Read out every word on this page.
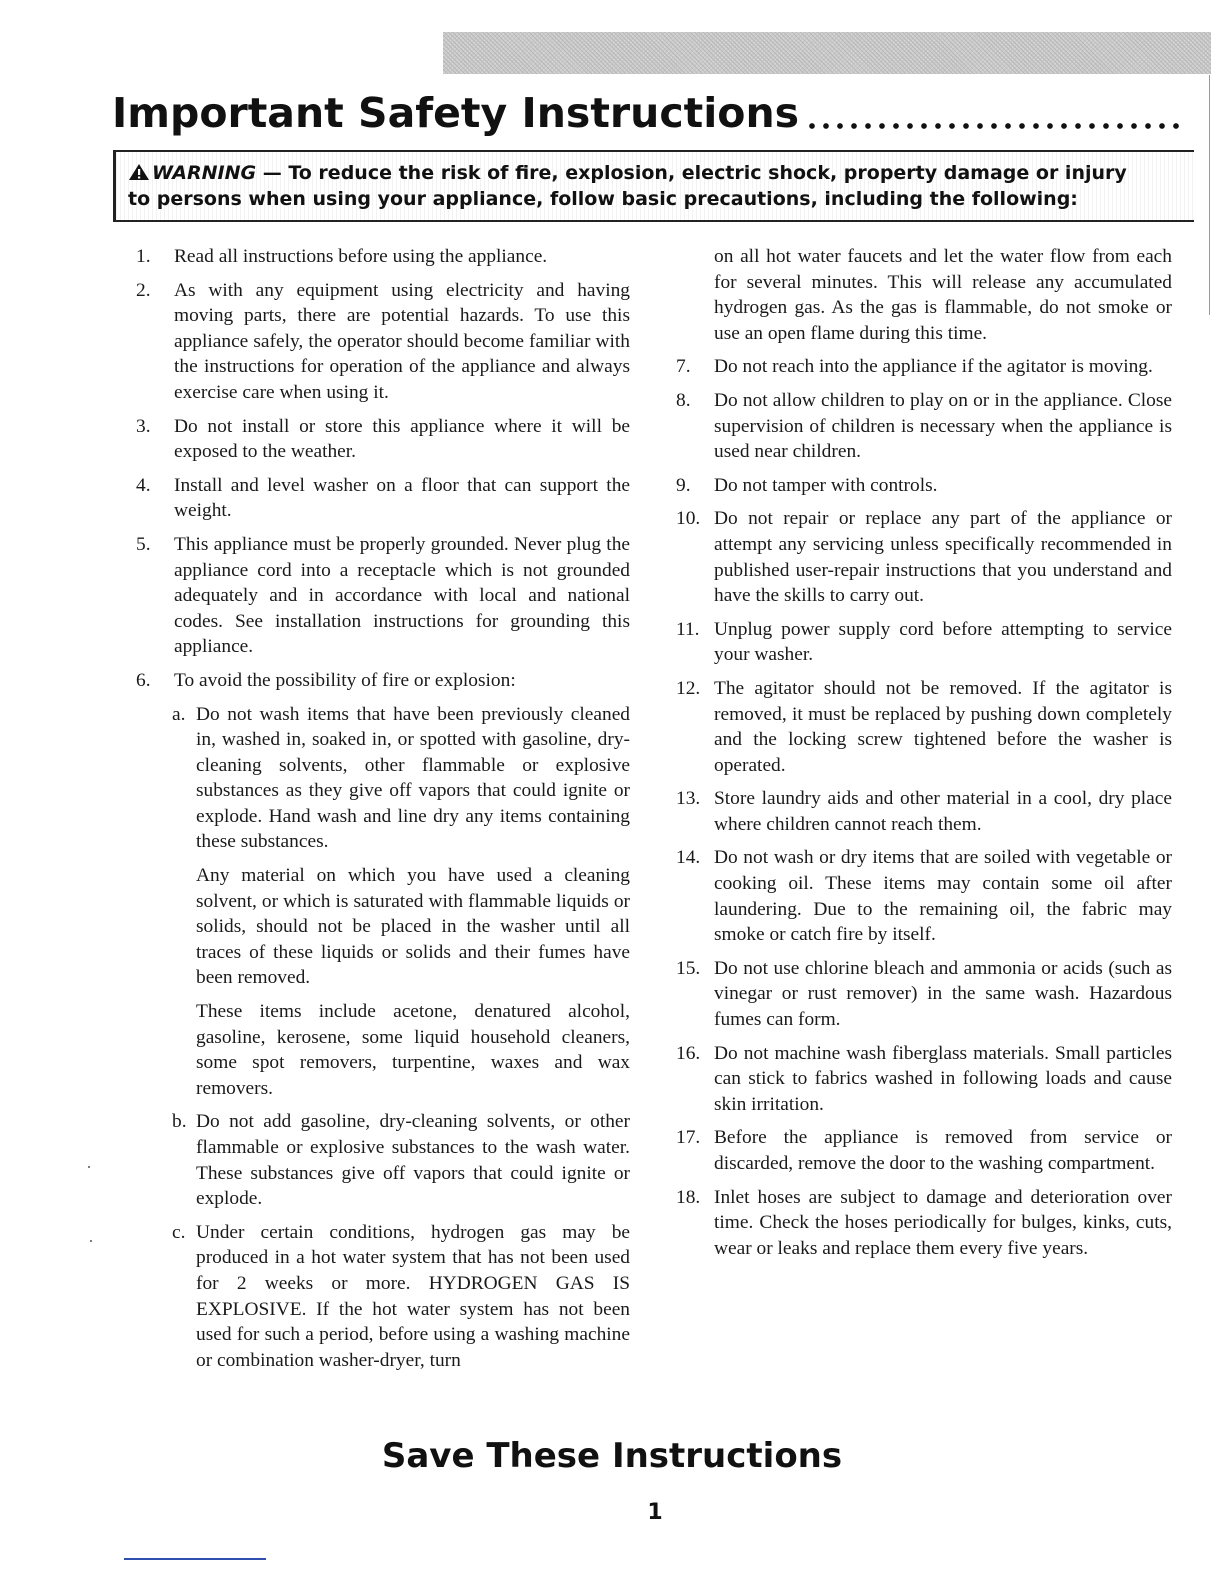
Important Safety Instructions
WARNING — To reduce the risk of fire, explosion, electric shock, property damage or injury
to persons when using your appliance, follow basic precautions, including the following:
1.	Read all instructions before using the appliance.
2.	As with any equipment using electricity and having moving parts, there are potential hazards. To use this appliance safely, the operator should become familiar with the instructions for operation of the appliance and always exercise care when using it.
3.	Do not install or store this appliance where it will be exposed to the weather.
4.	Install and level washer on a floor that can support the weight.
5.	This appliance must be properly grounded. Never plug the appliance cord into a receptacle which is not grounded adequately and in accordance with local and national codes. See installation instructions for grounding this appliance.
6.	To avoid the possibility of fire or explosion:
a. Do not wash items that have been previously cleaned in, washed in, soaked in, or spotted with gasoline, dry-cleaning solvents, other flammable or explosive substances as they give off vapors that could ignite or explode. Hand wash and line dry any items containing these substances.

Any material on which you have used a cleaning solvent, or which is saturated with flammable liquids or solids, should not be placed in the washer until all traces of these liquids or solids and their fumes have been removed.

These items include acetone, denatured alcohol, gasoline, kerosene, some liquid household cleaners, some spot removers, turpentine, waxes and wax removers.

b. Do not add gasoline, dry-cleaning solvents, or other flammable or explosive substances to the wash water. These substances give off vapors that could ignite or explode.
c. Under certain conditions, hydrogen gas may be produced in a hot water system that has not been used for 2 weeks or more. HYDROGEN GAS IS EXPLOSIVE. If the hot water system has not been used for such a period, before using a washing machine or combination washer-dryer, turn

on all hot water faucets and let the water flow from each for several minutes. This will release any accumulated hydrogen gas. As the gas is flammable, do not smoke or use an open flame during this time.

7.	Do not reach into the appliance if the agitator is moving.
8.	Do not allow children to play on or in the appliance. Close supervision of children is necessary when the appliance is used near children.
9.	Do not tamper with controls.
10. Do not repair or replace any part of the appliance or attempt any servicing unless specifically recommended in published user-repair instructions that you understand and have the skills to carry out.
11. Unplug power supply cord before attempting to service your washer.
12. The agitator should not be removed. If the agitator is removed, it must be replaced by pushing down completely and the locking screw tightened before the washer is operated.
13. Store laundry aids and other material in a cool, dry place where children cannot reach them.
14. Do not wash or dry items that are soiled with vegetable or cooking oil. These items may contain some oil after laundering. Due to the remaining oil, the fabric may smoke or catch fire by itself.
15. Do not use chlorine bleach and ammonia or acids (such as vinegar or rust remover) in the same wash. Hazardous fumes can form.
16. Do not machine wash fiberglass materials. Small particles can stick to fabrics washed in following loads and cause skin irritation.
17. Before the appliance is removed from service or discarded, remove the door to the washing compartment.
18. Inlet hoses are subject to damage and deterioration over time. Check the hoses periodically for bulges, kinks, cuts, wear or leaks and replace them every five years.
Save These Instructions
1
